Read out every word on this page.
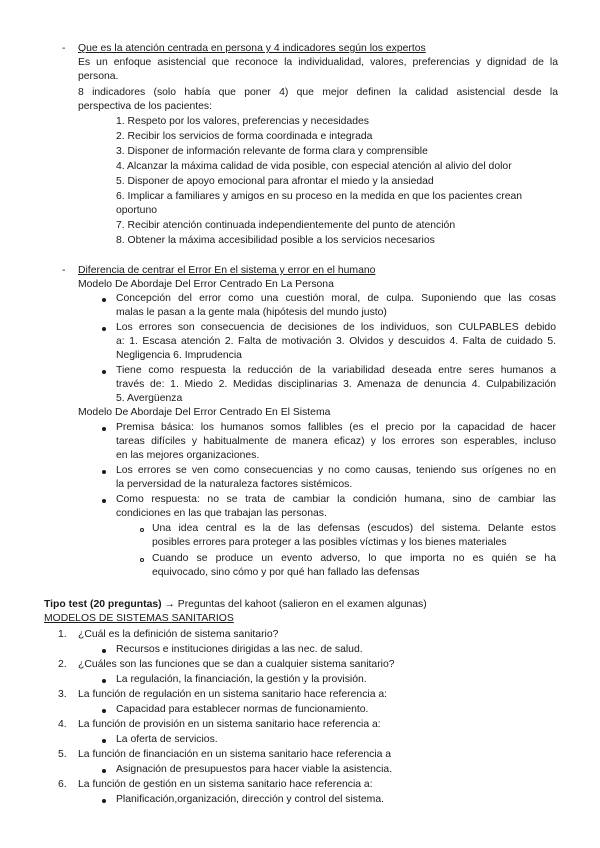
- Que es la atención centrada en persona y 4 indicadores según los expertos
Es un enfoque asistencial que reconoce la individualidad, valores, preferencias y dignidad de la
persona.
8 indicadores (solo había que poner 4) que mejor definen la calidad asistencial desde la
perspectiva de los pacientes:
1. Respeto por los valores, preferencias y necesidades
2. Recibir los servicios de forma coordinada e integrada
3. Disponer de información relevante de forma clara y comprensible
4. Alcanzar la máxima calidad de vida posible, con especial atención al alivio del dolor
5. Disponer de apoyo emocional para afrontar el miedo y la ansiedad
6. Implicar a familiares y amigos en su proceso en la medida en que los pacientes crean
oportuno
7. Recibir atención continuada independientemente del punto de atención
8. Obtener la máxima accesibilidad posible a los servicios necesarios
- Diferencia de centrar el Error En el sistema y error en el humano
Modelo De Abordaje Del Error Centrado En La Persona
Concepción del error como una cuestión moral, de culpa. Suponiendo que las cosas
malas le pasan a la gente mala (hipótesis del mundo justo)
Los errores son consecuencia de decisiones de los individuos, son CULPABLES debido
a: 1. Escasa atención 2. Falta de motivación 3. Olvidos y descuidos 4. Falta de cuidado 5.
Negligencia 6. Imprudencia
Tiene como respuesta la reducción de la variabilidad deseada entre seres humanos a
través de: 1. Miedo 2. Medidas disciplinarias 3. Amenaza de denuncia 4. Culpabilización
5. Avergüenza
Modelo De Abordaje Del Error Centrado En El Sistema
Premisa básica: los humanos somos fallibles (es el precio por la capacidad de hacer
tareas difíciles y habitualmente de manera eficaz) y los errores son esperables, incluso
en las mejores organizaciones.
Los errores se ven como consecuencias y no como causas, teniendo sus orígenes no en
la perversidad de la naturaleza factores sistémicos.
Como respuesta: no se trata de cambiar la condición humana, sino de cambiar las
condiciones en las que trabajan las personas.
Una idea central es la de las defensas (escudos) del sistema. Delante estos
posibles errores para proteger a las posibles víctimas y los bienes materiales
Cuando se produce un evento adverso, lo que importa no es quién se ha
equivocado, sino cómo y por qué han fallado las defensas
Tipo test (20 preguntas) → Preguntas del kahoot (salieron en el examen algunas)
MODELOS DE SISTEMAS SANITARIOS
1. ¿Cuál es la definición de sistema sanitario?
Recursos e instituciones dirigidas a las nec. de salud.
2. ¿Cuáles son las funciones que se dan a cualquier sistema sanitario?
La regulación, la financiación, la gestión y la provisión.
3. La función de regulación en un sistema sanitario hace referencia a:
Capacidad para establecer normas de funcionamiento.
4. La función de provisión en un sistema sanitario hace referencia a:
La oferta de servicios.
5. La función de financiación en un sistema sanitario hace referencia a
Asignación de presupuestos para hacer viable la asistencia.
6. La función de gestión en un sistema sanitario hace referencia a:
Planificación,organización, dirección y control del sistema.
